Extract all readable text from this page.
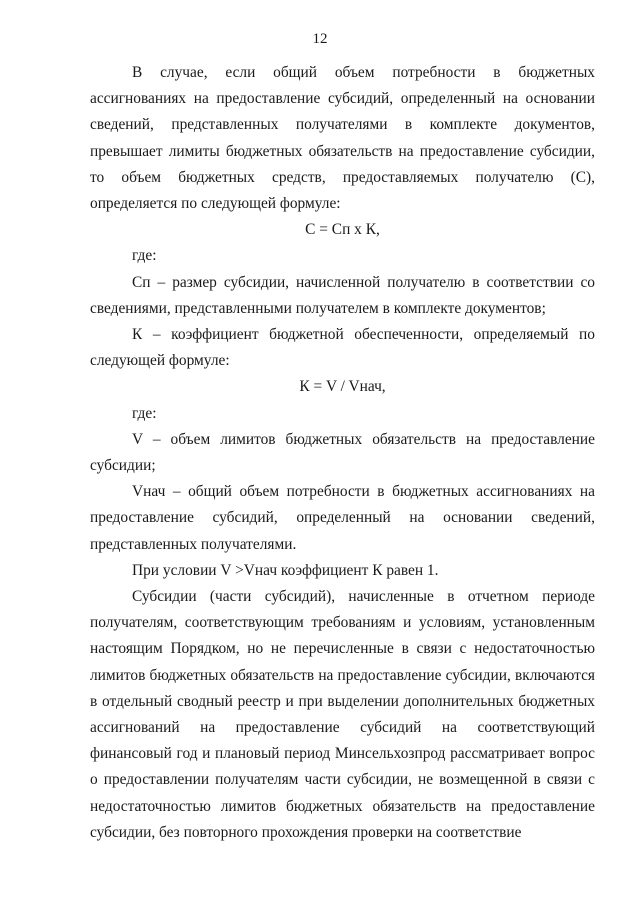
12

В случае, если общий объем потребности в бюджетных ассигнованиях на предоставление субсидий, определенный на основании сведений, представленных получателями в комплекте документов, превышает лимиты бюджетных обязательств на предоставление субсидии, то объем бюджетных средств, предоставляемых получателю (С), определяется по следующей формуле:

С = Сп х К,

где:

Сп – размер субсидии, начисленной получателю в соответствии со сведениями, представленными получателем в комплекте документов;

К – коэффициент бюджетной обеспеченности, определяемый по следующей формуле:

К = V / Vнач,

где:

V – объем лимитов бюджетных обязательств на предоставление субсидии;

Vнач – общий объем потребности в бюджетных ассигнованиях на предоставление субсидий, определенный на основании сведений, представленных получателями.

При условии V >Vнач коэффициент К равен 1.

Субсидии (части субсидий), начисленные в отчетном периоде получателям, соответствующим требованиям и условиям, установленным настоящим Порядком, но не перечисленные в связи с недостаточностью лимитов бюджетных обязательств на предоставление субсидии, включаются в отдельный сводный реестр и при выделении дополнительных бюджетных ассигнований на предоставление субсидий на соответствующий финансовый год и плановый период Минсельхозпрод рассматривает вопрос о предоставлении получателям части субсидии, не возмещенной в связи с недостаточностью лимитов бюджетных обязательств на предоставление субсидии, без повторного прохождения проверки на соответствие
